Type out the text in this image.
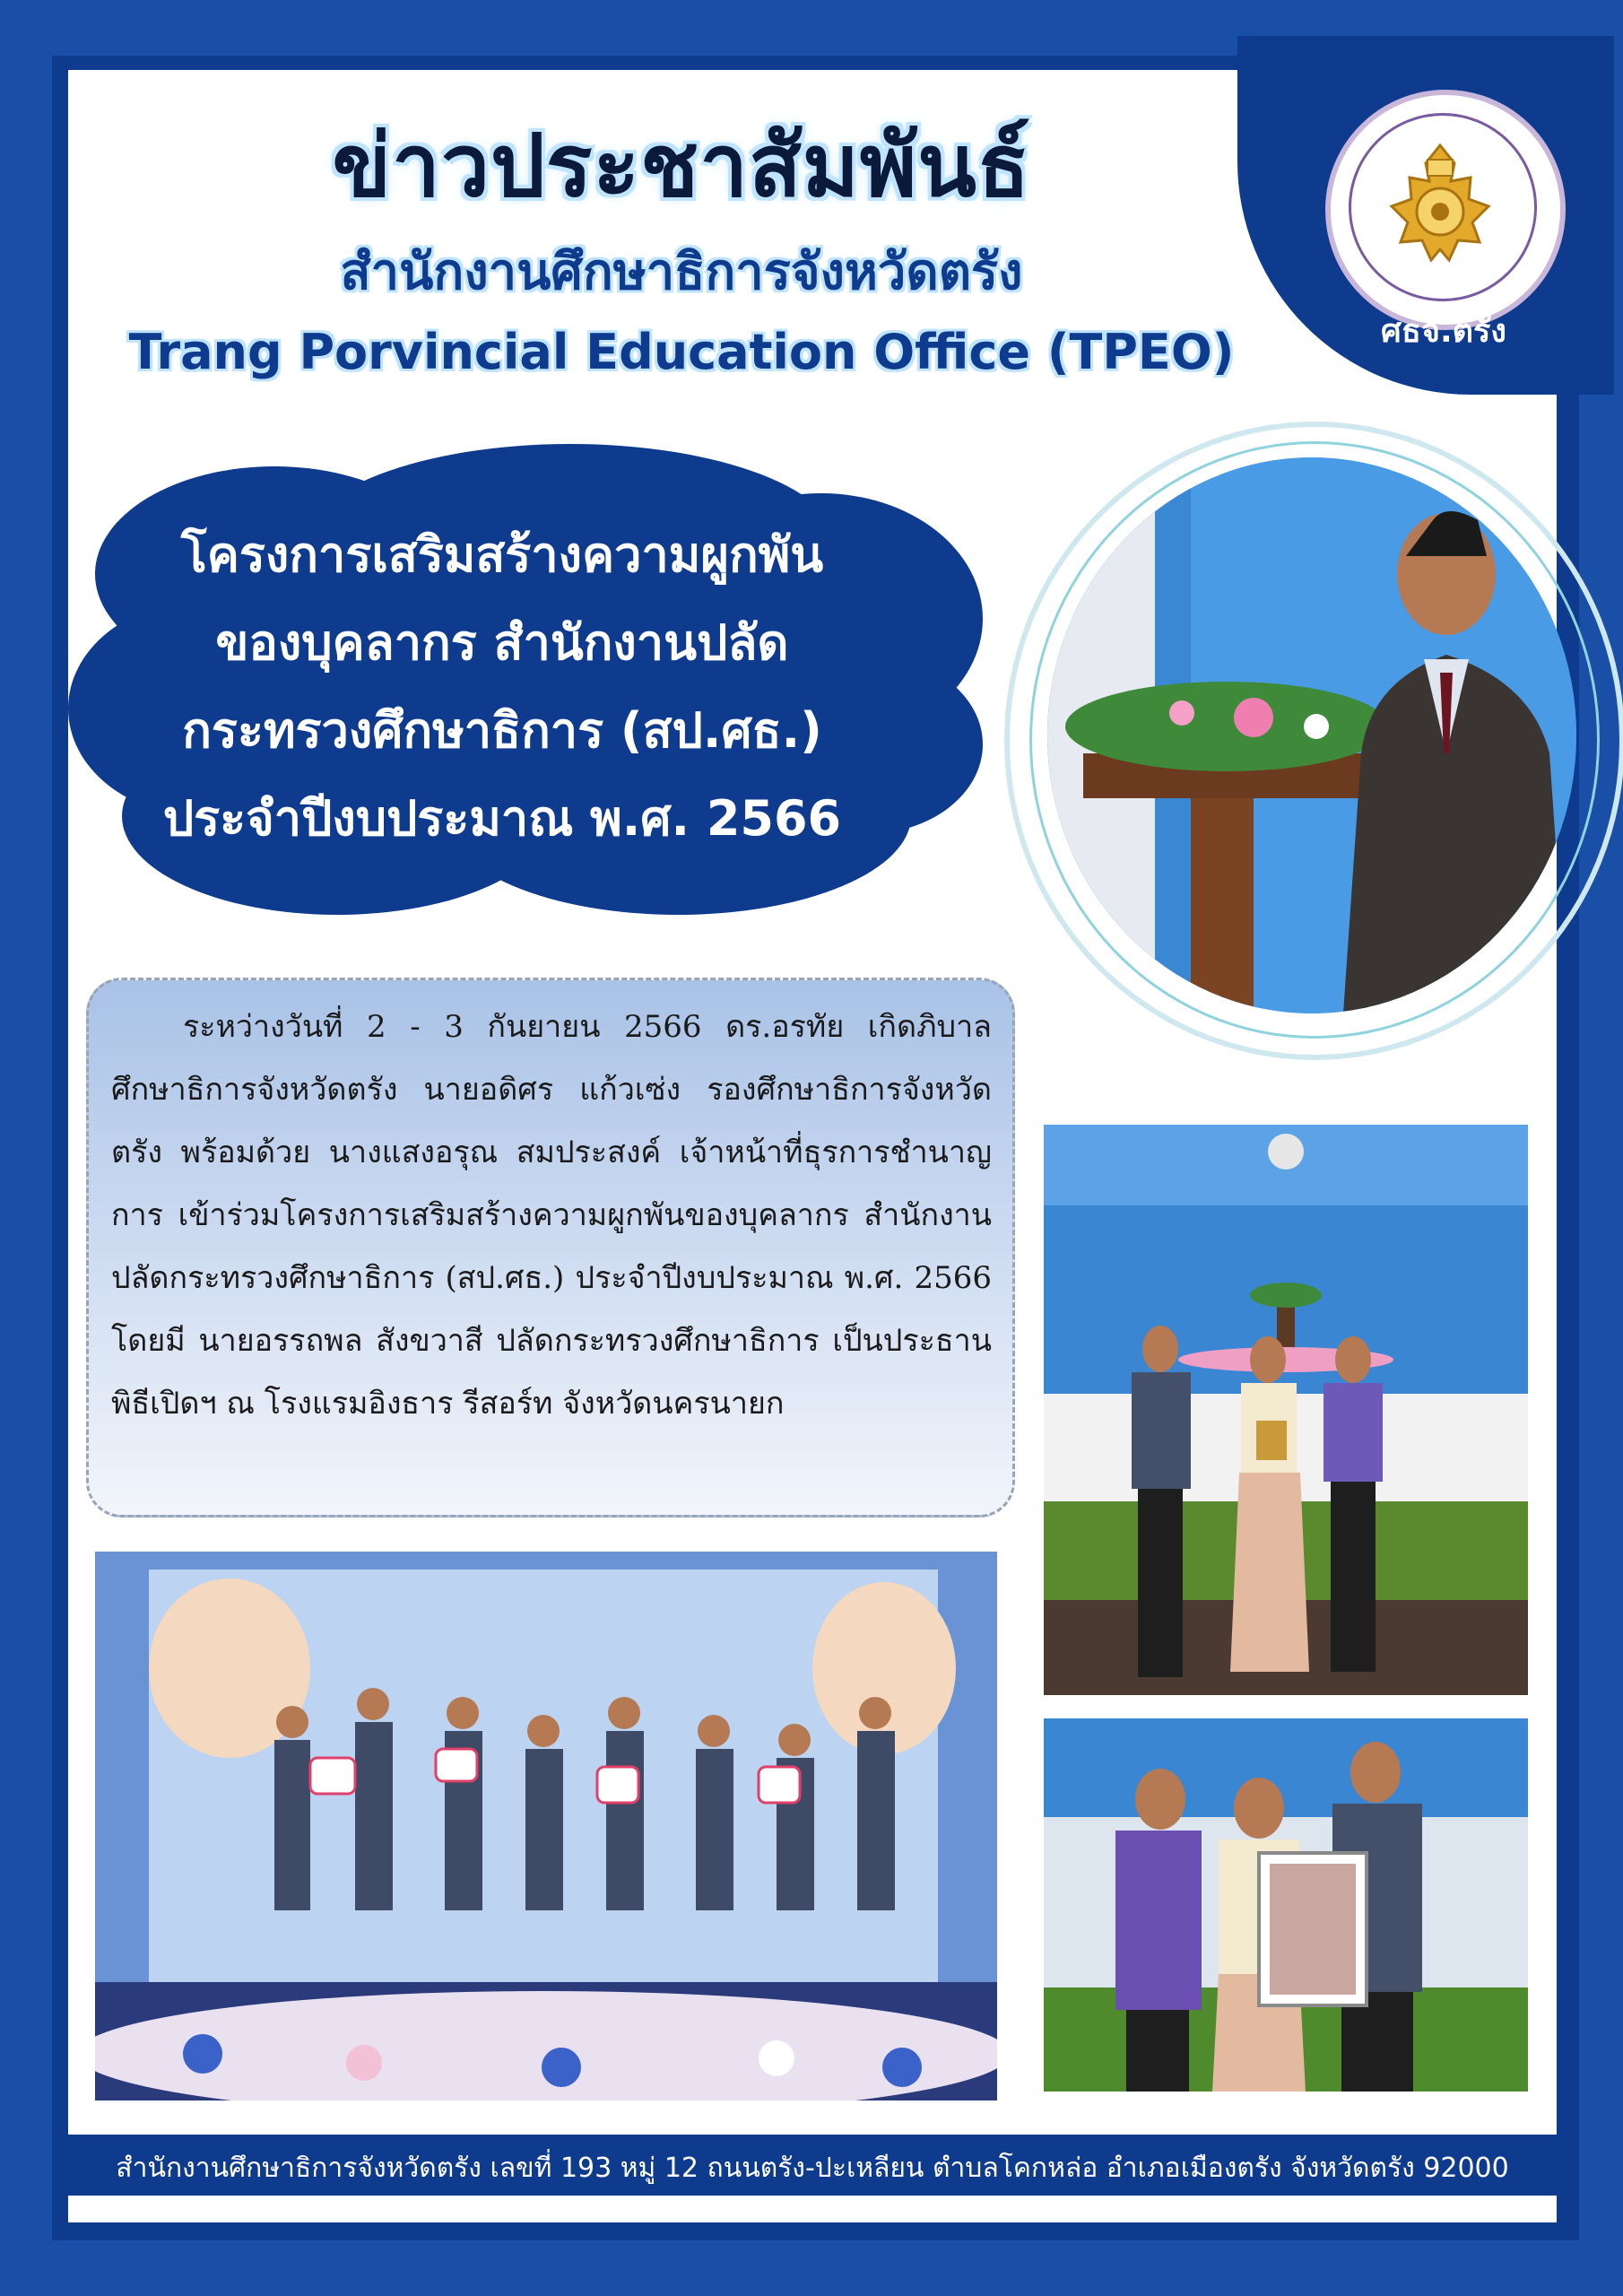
ศธจ.ตรัง
ข่าวประชาสัมพันธ์
สำนักงานศึกษาธิการจังหวัดตรัง
Trang Porvincial Education Office (TPEO)
โครงการเสริมสร้างความผูกพัน
ของบุคลากร สำนักงานปลัด
กระทรวงศึกษาธิการ (สป.ศธ.)
ประจำปีงบประมาณ พ.ศ. 2566
ระหว่างวันที่ 2 - 3 กันยายน 2566 ดร.อรทัย เกิดภิบาล ศึกษาธิการจังหวัดตรัง นายอดิศร แก้วเซ่ง รองศึกษาธิการจังหวัดตรัง พร้อมด้วย นางแสงอรุณ สมประสงค์ เจ้าหน้าที่ธุรการชำนาญการ เข้าร่วมโครงการเสริมสร้างความผูกพันของบุคลากร สำนักงานปลัดกระทรวงศึกษาธิการ (สป.ศธ.) ประจำปีงบประมาณ พ.ศ. 2566 โดยมี นายอรรถพล สังขวาสี ปลัดกระทรวงศึกษาธิการ เป็นประธานพิธีเปิดฯ ณ โรงแรมอิงธาร รีสอร์ท จังหวัดนครนายก
สำนักงานศึกษาธิการจังหวัดตรัง เลขที่ 193 หมู่ 12 ถนนตรัง-ปะเหลียน ตำบลโคกหล่อ อำเภอเมืองตรัง จังหวัดตรัง 92000
